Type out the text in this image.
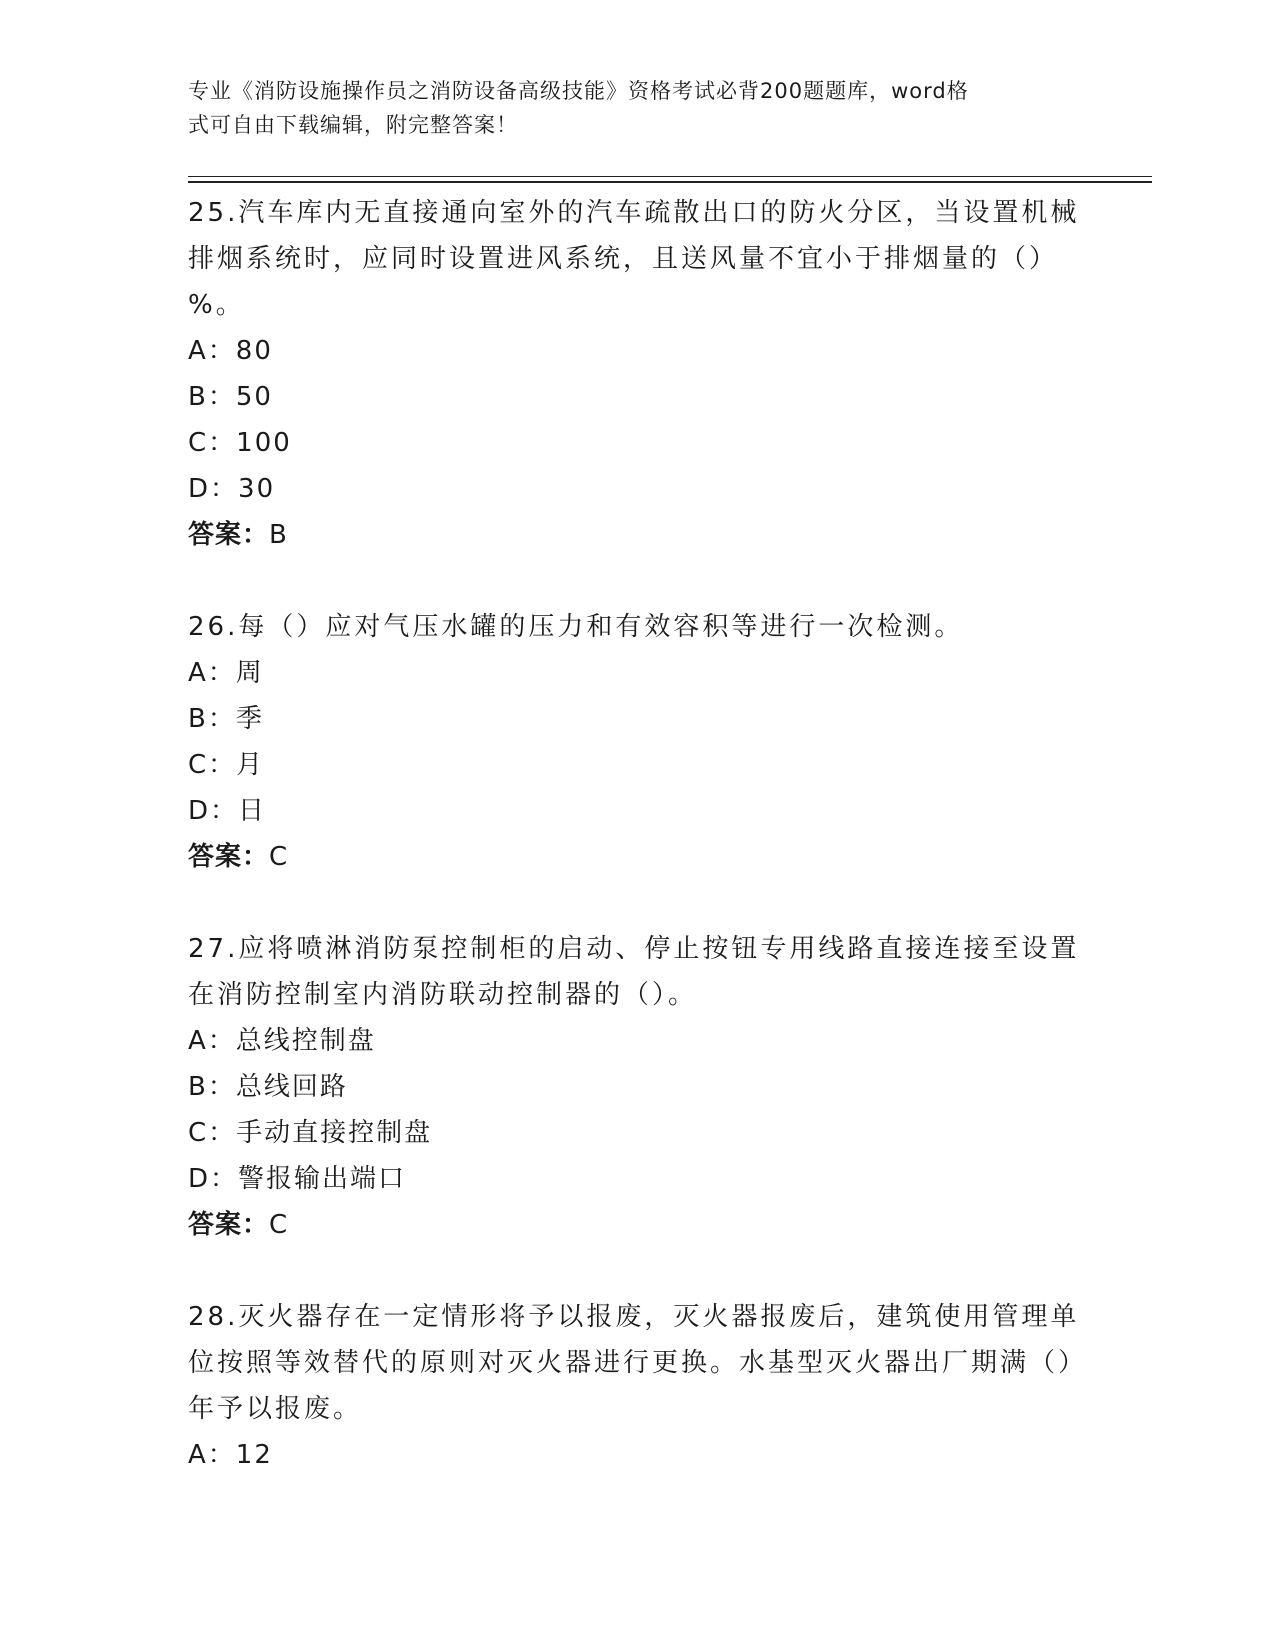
专业《消防设施操作员之消防设备高级技能》资格考试必背200题题库，word格
式可自由下载编辑，附完整答案！

25.汽车库内无直接通向室外的汽车疏散出口的防火分区，当设置机械排烟系统时，应同时设置进风系统，且送风量不宜小于排烟量的（）%。

A：80

B：50

C：100

D：30

答案：B

26.每（）应对气压水罐的压力和有效容积等进行一次检测。

A：周

B：季

C：月

D：日

答案：C

27.应将喷淋消防泵控制柜的启动、停止按钮专用线路直接连接至设置在消防控制室内消防联动控制器的（）。

A：总线控制盘

B：总线回路

C：手动直接控制盘

D：警报输出端口

答案：C

28.灭火器存在一定情形将予以报废，灭火器报废后，建筑使用管理单位按照等效替代的原则对灭火器进行更换。水基型灭火器出厂期满（）年予以报废。

A：12
